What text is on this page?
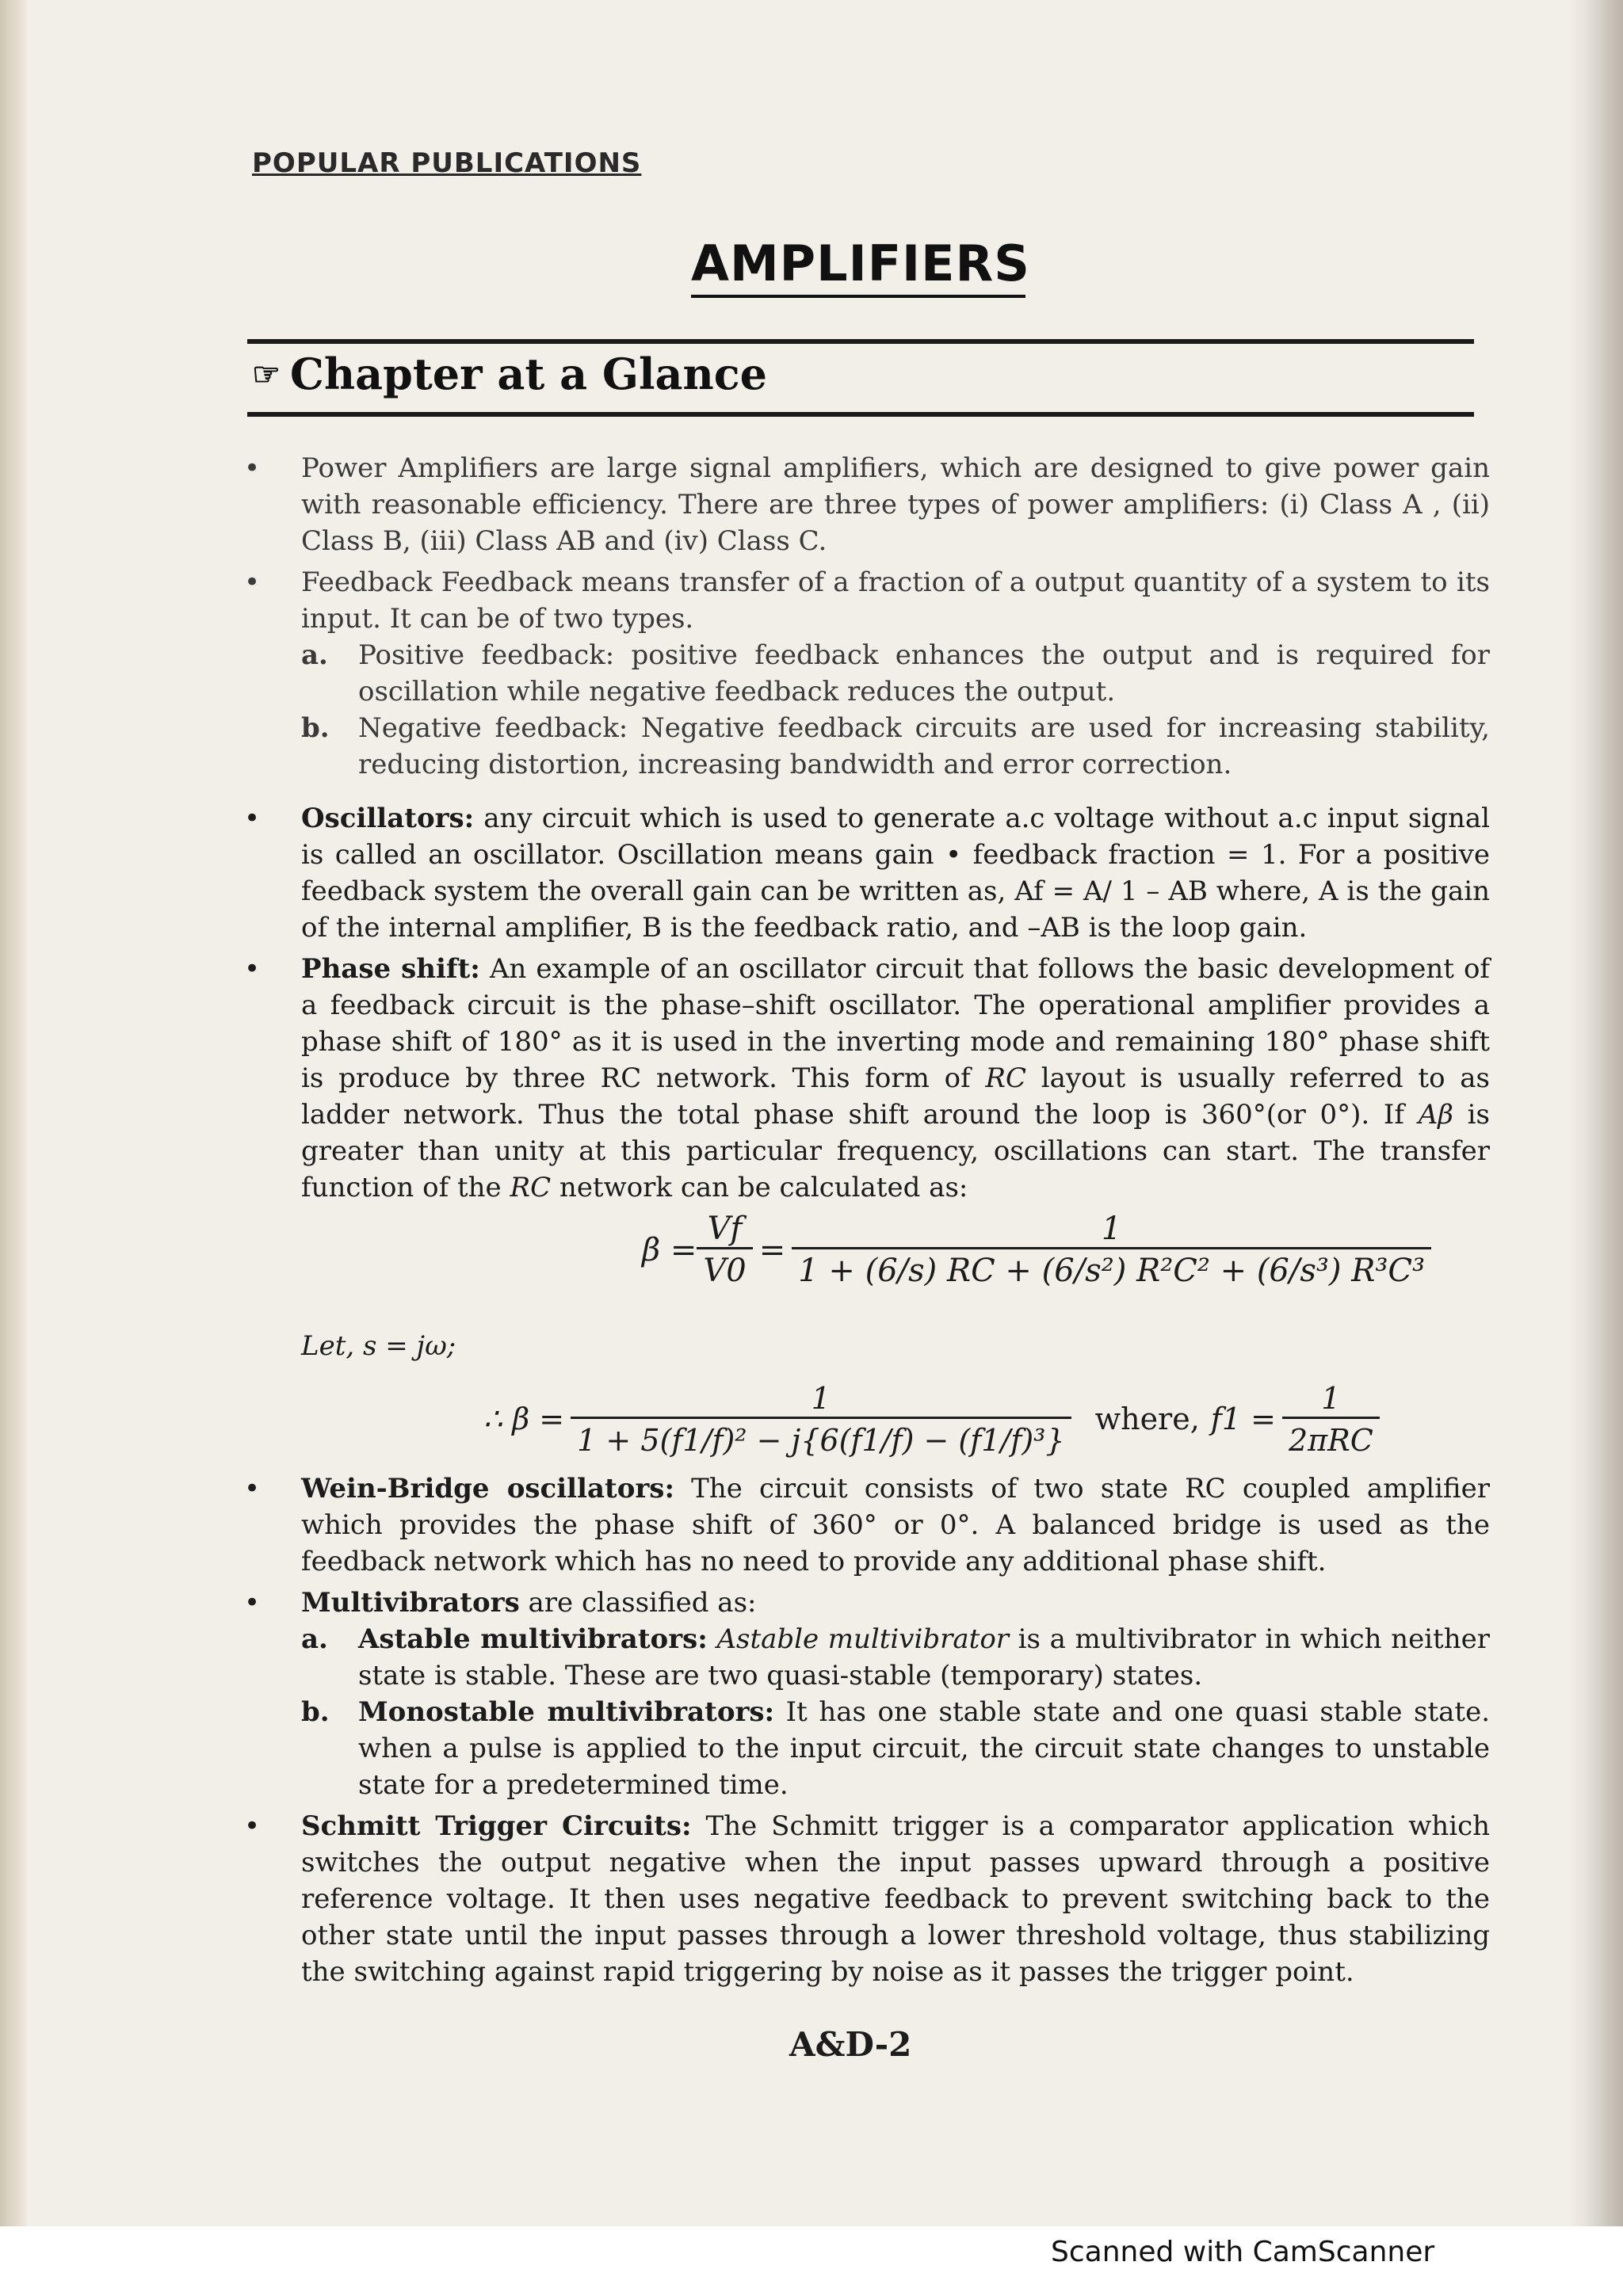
POPULAR PUBLICATIONS
AMPLIFIERS
☞ Chapter at a Glance
• Power Amplifiers are large signal amplifiers, which are designed to give power gain with reasonable efficiency. There are three types of power amplifiers: (i) Class A , (ii) Class B, (iii) Class AB and (iv) Class C.
• Feedback Feedback means transfer of a fraction of a output quantity of a system to its input. It can be of two types.
a. Positive feedback: positive feedback enhances the output and is required for oscillation while negative feedback reduces the output.
b. Negative feedback: Negative feedback circuits are used for increasing stability, reducing distortion, increasing bandwidth and error correction.
• Oscillators: any circuit which is used to generate a.c voltage without a.c input signal is called an oscillator. Oscillation means gain • feedback fraction = 1. For a positive feedback system the overall gain can be written as, Af = A/ 1 – AB where, A is the gain of the internal amplifier, B is the feedback ratio, and –AB is the loop gain.
• Phase shift: An example of an oscillator circuit that follows the basic development of a feedback circuit is the phase–shift oscillator. The operational amplifier provides a phase shift of 180° as it is used in the inverting mode and remaining 180° phase shift is produce by three RC network. This form of RC layout is usually referred to as ladder network. Thus the total phase shift around the loop is 360°(or 0°). If Aβ is greater than unity at this particular frequency, oscillations can start. The transfer function of the RC network can be calculated as:
$\beta = \frac{Vf}{V0} = \frac{1}{\text{1 + (6/s) RC + (6/s²) R²C² + (6/s³) R³C³}}$
Let, s = jω;
∴ $\beta = \frac{1}{\text{1 + 5(f1/f)² − j\{6(f1/f) − (f1/f)³\}}}$ where, $f1 = \frac{1}{\text{2πRC}}$
• Wein-Bridge oscillators: The circuit consists of two state RC coupled amplifier which provides the phase shift of 360° or 0°. A balanced bridge is used as the feedback network which has no need to provide any additional phase shift.
• Multivibrators are classified as:
a. Astable multivibrators: Astable multivibrator is a multivibrator in which neither state is stable. These are two quasi-stable (temporary) states.
b. Monostable multivibrators: It has one stable state and one quasi stable state. when a pulse is applied to the input circuit, the circuit state changes to unstable state for a predetermined time.
• Schmitt Trigger Circuits: The Schmitt trigger is a comparator application which switches the output negative when the input passes upward through a positive reference voltage. It then uses negative feedback to prevent switching back to the other state until the input passes through a lower threshold voltage, thus stabilizing the switching against rapid triggering by noise as it passes the trigger point.
A&D-2
Scanned with CamScanner
